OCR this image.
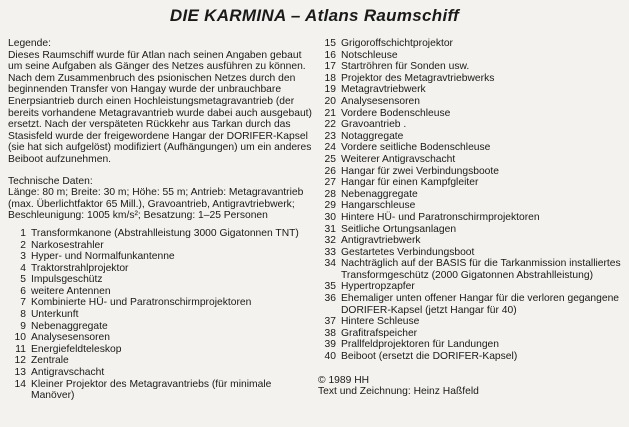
DIE KARMINA – Atlans Raumschiff

Legende:

Dieses Raumschiff wurde für Atlan nach seinen Angaben gebaut um seine Aufgaben als Gänger des Netzes ausführen zu können. Nach dem Zusammenbruch des psionischen Netzes durch den beginnenden Transfer von Hangay wurde der unbrauchbare Enerpsiantrieb durch einen Hochleistungsmetagravantrieb (der bereits vorhandene Metagravantrieb wurde dabei auch ausgebaut) ersetzt. Nach der verspäteten Rückkehr aus Tarkan durch das Stasisfeld wurde der freigewordene Hangar der DORIFER-Kapsel (sie hat sich aufgelöst) modifiziert (Aufhängungen) um ein anderes Beiboot aufzunehmen.

Technische Daten:

Länge: 80 m; Breite: 30 m; Höhe: 55 m; Antrieb: Metagravantrieb (max. Überlichtfaktor 65 Mill.), Gravoantrieb, Antigravtriebwerk; Beschleunigung: 1005 km/s²; Besatzung: 1–25 Personen

1 Transformkanone (Abstrahlleistung 3000 Gigatonnen TNT)
2 Narkosestrahler
3 Hyper- und Normalfunkantenne
4 Traktorstrahlprojektor
5 Impulsgeschütz
6 weitere Antennen
7 Kombinierte HÜ- und Paratronschirmprojektoren
8 Unterkunft
9 Nebenaggregate
10 Analysesensoren
11 Energiefeldteleskop
12 Zentrale
13 Antigravschacht
14 Kleiner Projektor des Metagravantriebs (für minimale Manöver)
15 Grigoroffschichtprojektor
16 Notschleuse
17 Startröhren für Sonden usw.
18 Projektor des Metagravtriebwerks
19 Metagravtriebwerk
20 Analysesensoren
21 Vordere Bodenschleuse
22 Gravoantrieb .
23 Notaggregate
24 Vordere seitliche Bodenschleuse
25 Weiterer Antigravschacht
26 Hangar für zwei Verbindungsboote
27 Hangar für einen Kampfgleiter
28 Nebenaggregate
29 Hangarschleuse
30 Hintere HÜ- und Paratronschirmprojektoren
31 Seitliche Ortungsanlagen
32 Antigravtriebwerk
33 Gestartetes Verbindungsboot
34 Nachträglich auf der BASIS für die Tarkanmission installiertes Transformgeschütz (2000 Gigatonnen Abstrahlleistung)
35 Hypertropzapfer
36 Ehemaliger unten offener Hangar für die verloren gegangene DORIFER-Kapsel (jetzt Hangar für 40)
37 Hintere Schleuse
38 Grafitrafspeicher
39 Prallfeldprojektoren für Landungen
40 Beiboot (ersetzt die DORIFER-Kapsel)

© 1989 HH

Text und Zeichnung: Heinz Haßfeld
